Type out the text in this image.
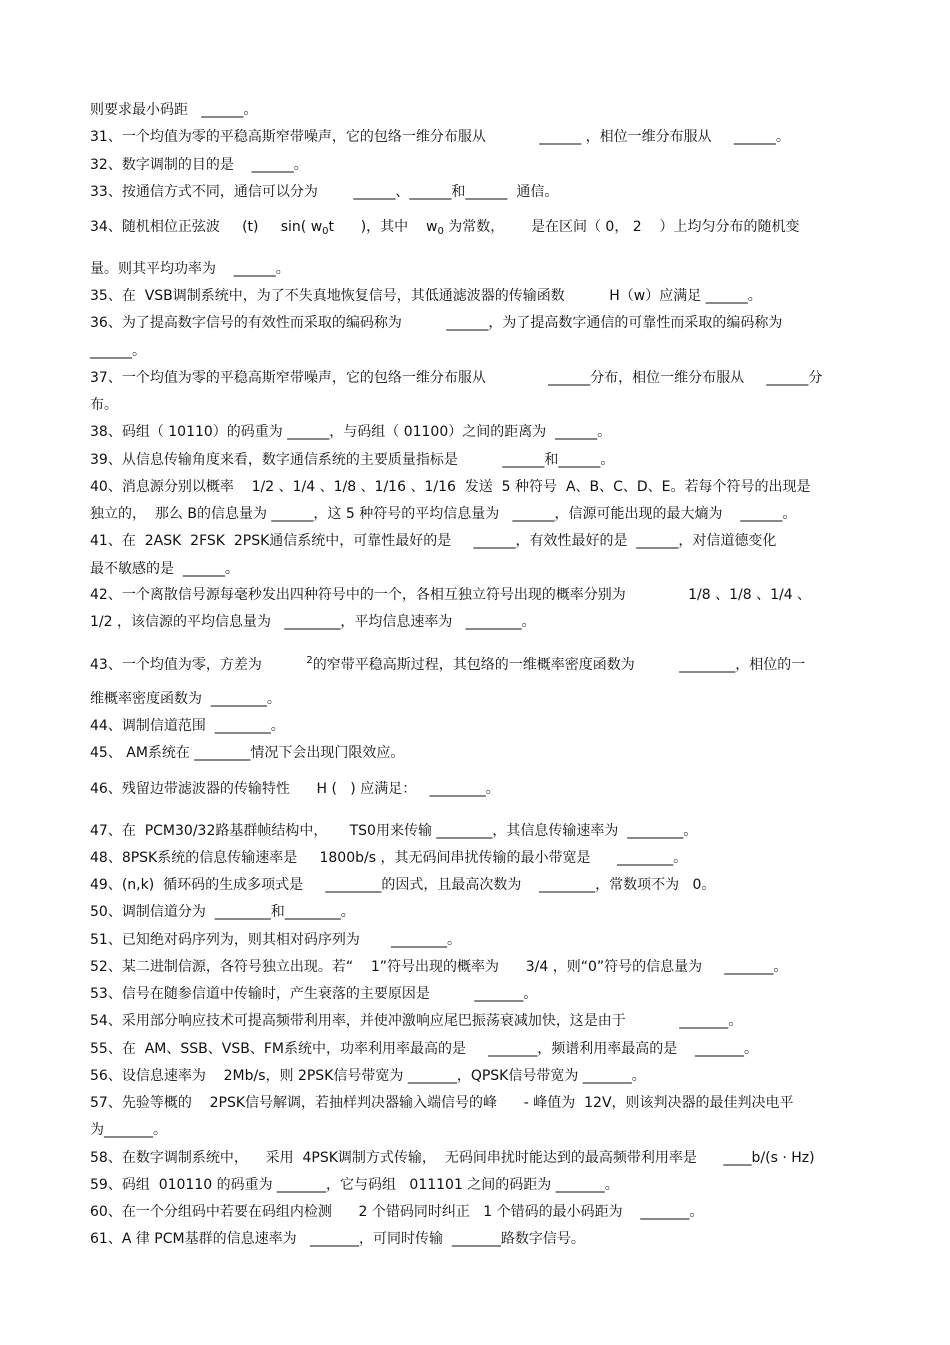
则要求最小码距   ______。
31、一个均值为零的平稳高斯窄带噪声，它的包络一维分布服从            ______ ，相位一维分布服从     ______。
32、数字调制的目的是    ______。
33、按通信方式不同，通信可以分为        ______、______和______  通信。
34、随机相位正弦波     (t)     sin( $w_0t$      )，其中    $w_0$ 为常数，      是在区间（ 0， 2    ）上均匀分布的随机变
量。则其平均功率为    ______。
35、在  VSB调制系统中，为了不失真地恢复信号，其低通滤波器的传输函数          H（w）应满足 ______。
36、为了提高数字信号的有效性而采取的编码称为          ______，为了提高数字通信的可靠性而采取的编码称为
______。
37、一个均值为零的平稳高斯窄带噪声，它的包络一维分布服从              ______分布，相位一维分布服从     ______分
布。
38、码组（ 10110）的码重为 ______，与码组（ 01100）之间的距离为  ______。
39、从信息传输角度来看，数字通信系统的主要质量指标是          ______和______。
40、消息源分别以概率    1/2 、1/4 、1/8 、1/16 、1/16  发送  5 种符号  A、B、C、D、E。若每个符号的出现是
独立的，  那么 B的信息量为 ______，这 5 种符号的平均信息量为   ______，信源可能出现的最大熵为    ______。
41、在  2ASK  2FSK  2PSK通信系统中，可靠性最好的是     ______，有效性最好的是  ______，对信道德变化
最不敏感的是  ______。
42、一个离散信号源每毫秒发出四种符号中的一个，各相互独立符号出现的概率分别为              1/8 、1/8 、1/4 、
1/2 ，该信源的平均信息量为   ________，平均信息速率为   ________。
43、一个均值为零，方差为          $^2$的窄带平稳高斯过程，其包络的一维概率密度函数为          ________，相位的一
维概率密度函数为  ________。
44、调制信道范围  ________。
45、 AM系统在 ________情况下会出现门限效应。
46、残留边带滤波器的传输特性      H (   ) 应满足：   ________。
47、在  PCM30/32路基群帧结构中，     TS0用来传输 ________，其信息传输速率为  ________。
48、8PSK系统的信息传输速率是     1800b/s ，其无码间串扰传输的最小带宽是      ________。
49、(n,k)  循环码的生成多项式是     ________的因式，且最高次数为    ________，常数项不为   0。
50、调制信道分为  ________和________。
51、已知绝对码序列为，则其相对码序列为       ________。
52、某二进制信源，各符号独立出现。若“    1”符号出现的概率为      3/4 ，则“0”符号的信息量为     _______。
53、信号在随参信道中传输时，产生衰落的主要原因是          _______。
54、采用部分响应技术可提高频带利用率，并使冲激响应尾巴振荡衰减加快，这是由于            _______。
55、在  AM、SSB、VSB、FM系统中，功率利用率最高的是     _______，频谱利用率最高的是    _______。
56、设信息速率为    2Mb/s，则 2PSK信号带宽为 _______，QPSK信号带宽为 _______。
57、先验等概的    2PSK信号解调，若抽样判决器输入端信号的峰      - 峰值为  12V，则该判决器的最佳判决电平
为_______。
58、在数字调制系统中，    采用  4PSK调制方式传输，  无码间串扰时能达到的最高频带利用率是      ____b/(s · Hz)
59、码组  010110 的码重为 _______，它与码组   011101 之间的码距为 _______。
60、在一个分组码中若要在码组内检测      2 个错码同时纠正   1 个错码的最小码距为    _______。
61、A 律 PCM基群的信息速率为   _______，可同时传输  _______路数字信号。
